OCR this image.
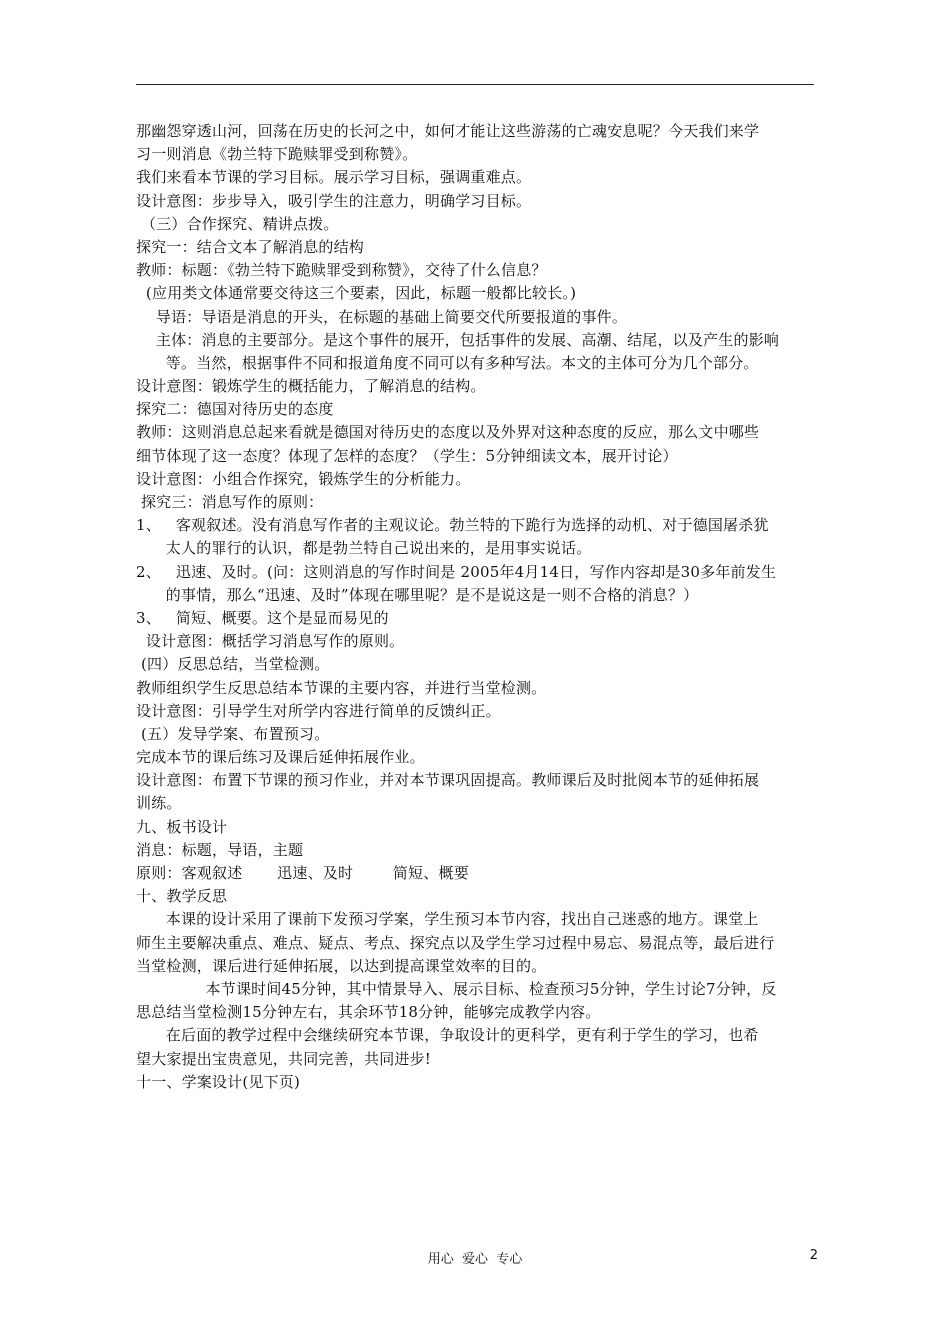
那幽怨穿透山河，回荡在历史的长河之中，如何才能让这些游荡的亡魂安息呢？今天我们来学
习一则消息《勃兰特下跪赎罪受到称赞》。
我们来看本节课的学习目标。展示学习目标，强调重难点。
设计意图：步步导入，吸引学生的注意力，明确学习目标。
（三）合作探究、精讲点拨。
探究一：结合文本了解消息的结构
教师：标题：《勃兰特下跪赎罪受到称赞》，交待了什么信息？
(应用类文体通常要交待这三个要素，因此，标题一般都比较长。)
导语：导语是消息的开头，在标题的基础上简要交代所要报道的事件。
主体：消息的主要部分。是这个事件的展开，包括事件的发展、高潮、结尾，以及产生的影响
等。当然，根据事件不同和报道角度不同可以有多种写法。本文的主体可分为几个部分。
设计意图：锻炼学生的概括能力，了解消息的结构。
探究二：德国对待历史的态度
教师：这则消息总起来看就是德国对待历史的态度以及外界对这种态度的反应，那么文中哪些
细节体现了这一态度？体现了怎样的态度？（学生：5分钟细读文本，展开讨论）
设计意图：小组合作探究，锻炼学生的分析能力。
探究三：消息写作的原则：
1、   客观叙述。没有消息写作者的主观议论。勃兰特的下跪行为选择的动机、对于德国屠杀犹
太人的罪行的认识，都是勃兰特自己说出来的，是用事实说话。
2、   迅速、及时。(问：这则消息的写作时间是 2005年4月14日，写作内容却是30多年前发生
的事情，那么“迅速、及时”体现在哪里呢？是不是说这是一则不合格的消息？）
3、   简短、概要。这个是显而易见的
设计意图：概括学习消息写作的原则。
(四）反思总结，当堂检测。
教师组织学生反思总结本节课的主要内容，并进行当堂检测。
设计意图：引导学生对所学内容进行简单的反馈纠正。
(五）发导学案、布置预习。
完成本节的课后练习及课后延伸拓展作业。
设计意图：布置下节课的预习作业，并对本节课巩固提高。教师课后及时批阅本节的延伸拓展
训练。
九、板书设计
消息：标题，导语，主题
原则：客观叙述       迅速、及时        简短、概要
十、教学反思
本课的设计采用了课前下发预习学案，学生预习本节内容，找出自己迷惑的地方。课堂上
师生主要解决重点、难点、疑点、考点、探究点以及学生学习过程中易忘、易混点等，最后进行
当堂检测，课后进行延伸拓展，以达到提高课堂效率的目的。
本节课时间45分钟，其中情景导入、展示目标、检查预习5分钟，学生讨论7分钟，反
思总结当堂检测15分钟左右，其余环节18分钟，能够完成教学内容。
在后面的教学过程中会继续研究本节课，争取设计的更科学，更有利于学生的学习，也希
望大家提出宝贵意见，共同完善，共同进步!
十一、学案设计(见下页)
用心  爱心  专心	2
